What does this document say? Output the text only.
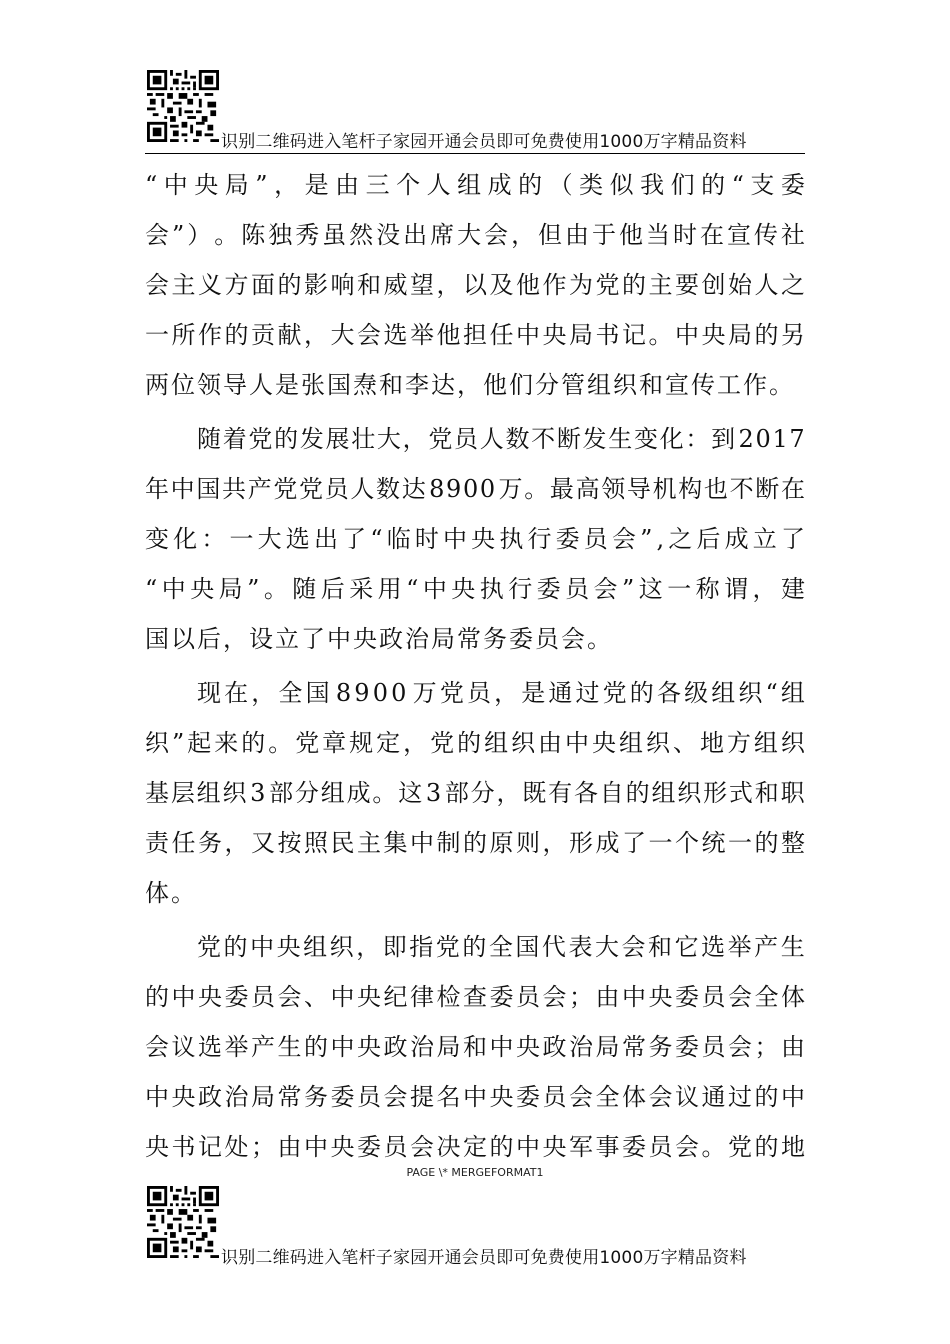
识别二维码进入笔杆子家园开通会员即可免费使用1000万字精品资料
“ 中 央 局 ” ， 是 由 三 个 人 组 成 的 （ 类 似 我 们 的 “ 支 委
会 ” ） 。 陈 独 秀 虽 然 没 出 席 大 会 ， 但 由 于 他 当 时 在 宣 传 社
会 主 义 方 面 的 影 响 和 威 望 ， 以 及 他 作 为 党 的 主 要 创 始 人 之
一 所 作 的 贡 献 ， 大 会 选 举 他 担 任 中 央 局 书 记 。 中 央 局 的 另
两位领导人是张国焘和李达，他们分管组织和宣传工作。
随 着 党 的 发 展 壮 大 ， 党 员 人 数 不 断 发 生 变 化 ： 到 2 0 1 7
年 中 国 共 产 党 党 员 人 数 达 8 9 0 0 万 。 最 高 领 导 机 构 也 不 断 在
变 化 ： 一 大 选 出 了 “ 临 时 中 央 执 行 委 员 会 ” , 之 后 成 立 了
“ 中 央 局 ” 。 随 后 采 用 “ 中 央 执 行 委 员 会 ” 这 一 称 谓 ， 建
国以后，设立了中央政治局常务委员会。
现 在 ， 全 国 8 9 0 0 万 党 员 ， 是 通 过 党 的 各 级 组 织 “ 组
织 ” 起 来 的 。 党 章 规 定 ， 党 的 组 织 由 中 央 组 织 、 地 方 组 织
基 层 组 织 3 部 分 组 成 。 这 3 部 分 ， 既 有 各 自 的 组 织 形 式 和 职
责 任 务 ， 又 按 照 民 主 集 中 制 的 原 则 ， 形 成 了 一 个 统 一 的 整
体。
党 的 中 央 组 织 ， 即 指 党 的 全 国 代 表 大 会 和 它 选 举 产 生
的 中 央 委 员 会 、 中 央 纪 律 检 查 委 员 会 ； 由 中 央 委 员 会 全 体
会 议 选 举 产 生 的 中 央 政 治 局 和 中 央 政 治 局 常 务 委 员 会 ； 由
中 央 政 治 局 常 务 委 员 会 提 名 中 央 委 员 会 全 体 会 议 通 过 的 中
央 书 记 处 ； 由 中 央 委 员 会 决 定 的 中 央 军 事 委 员 会 。 党 的 地
PAGE \* MERGEFORMAT1
识别二维码进入笔杆子家园开通会员即可免费使用1000万字精品资料
